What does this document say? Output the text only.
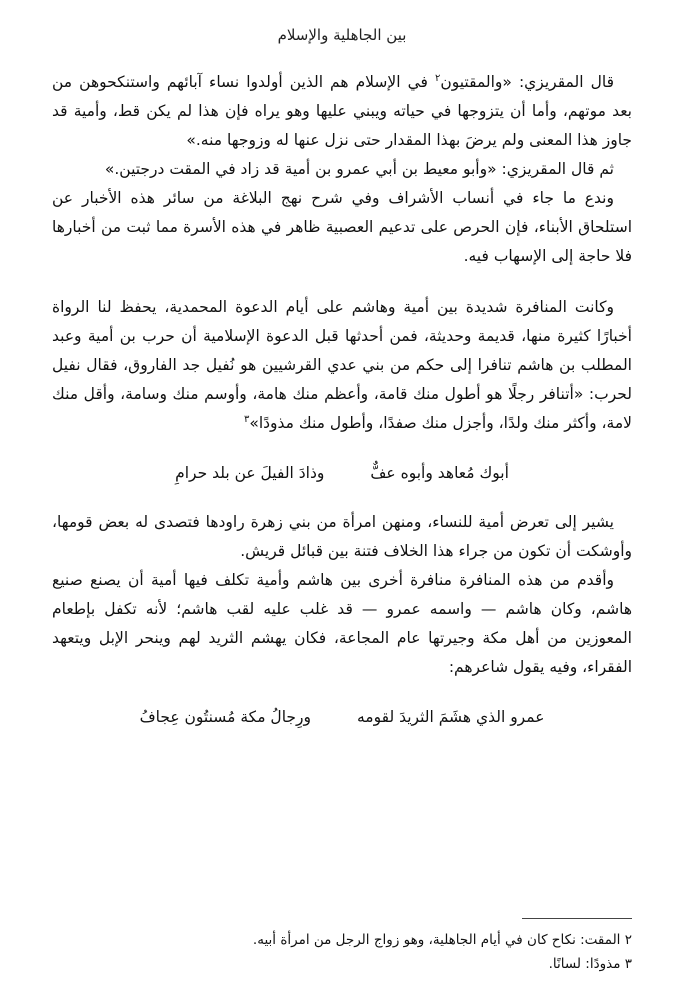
بين الجاهلية والإسلام

قال المقريزي: «والمقتيون$^٢$ في الإسلام هم الذين أولدوا نساء آبائهم واستنكحوهن من بعد موتهم، وأما أن يتزوجها في حياته ويبني عليها وهو يراه فإن هذا لم يكن قط، وأمية قد جاوز هذا المعنى ولم يرضَ بهذا المقدار حتى نزل عنها له وزوجها منه.»

ثم قال المقريزي: «وأبو معيط بن أبي عمرو بن أمية قد زاد في المقت درجتين.»

وندع ما جاء في أنساب الأشراف وفي شرح نهج البلاغة من سائر هذه الأخبار عن استلحاق الأبناء، فإن الحرص على تدعيم العصبية ظاهر في هذه الأسرة مما ثبت من أخبارها فلا حاجة إلى الإسهاب فيه.

وكانت المنافرة شديدة بين أمية وهاشم على أيام الدعوة المحمدية، يحفظ لنا الرواة أخبارًا كثيرة منها، قديمة وحديثة، فمن أحدثها قبل الدعوة الإسلامية أن حرب بن أمية وعبد المطلب بن هاشم تنافرا إلى حكم من بني عدي القرشيين هو نُفيل جد الفاروق، فقال نفيل لحرب: «أتنافر رجلًا هو أطول منك قامة، وأعظم منك هامة، وأوسم منك وسامة، وأقل منك لامة، وأكثر منك ولدًا، وأجزل منك صفدًا، وأطول منك مذودًا»$^٣$

أبوك مُعاهد وأبوه عفٌّ
وذادَ الفيلَ عن بلد حرامِ

يشير إلى تعرض أمية للنساء، ومنهن امرأة من بني زهرة راودها فتصدى له بعض قومها، وأوشكت أن تكون من جراء هذا الخلاف فتنة بين قبائل قريش.

وأقدم من هذه المنافرة منافرة أخرى بين هاشم وأمية تكلف فيها أمية أن يصنع صنيع هاشم، وكان هاشم — واسمه عمرو — قد غلب عليه لقب هاشم؛ لأنه تكفل بإطعام المعوزين من أهل مكة وجيرتها عام المجاعة، فكان يهشم الثريد لهم وينحر الإبل ويتعهد الفقراء، وفيه يقول شاعرهم:

عمرو الذي هشَمَ الثريدَ لقومه
ورِجالُ مكة مُسنتُون عِجافُ
٢ المقت: نكاح كان في أيام الجاهلية، وهو زواج الرجل من امرأة أبيه.
٣ مذودًا: لسانًا.
